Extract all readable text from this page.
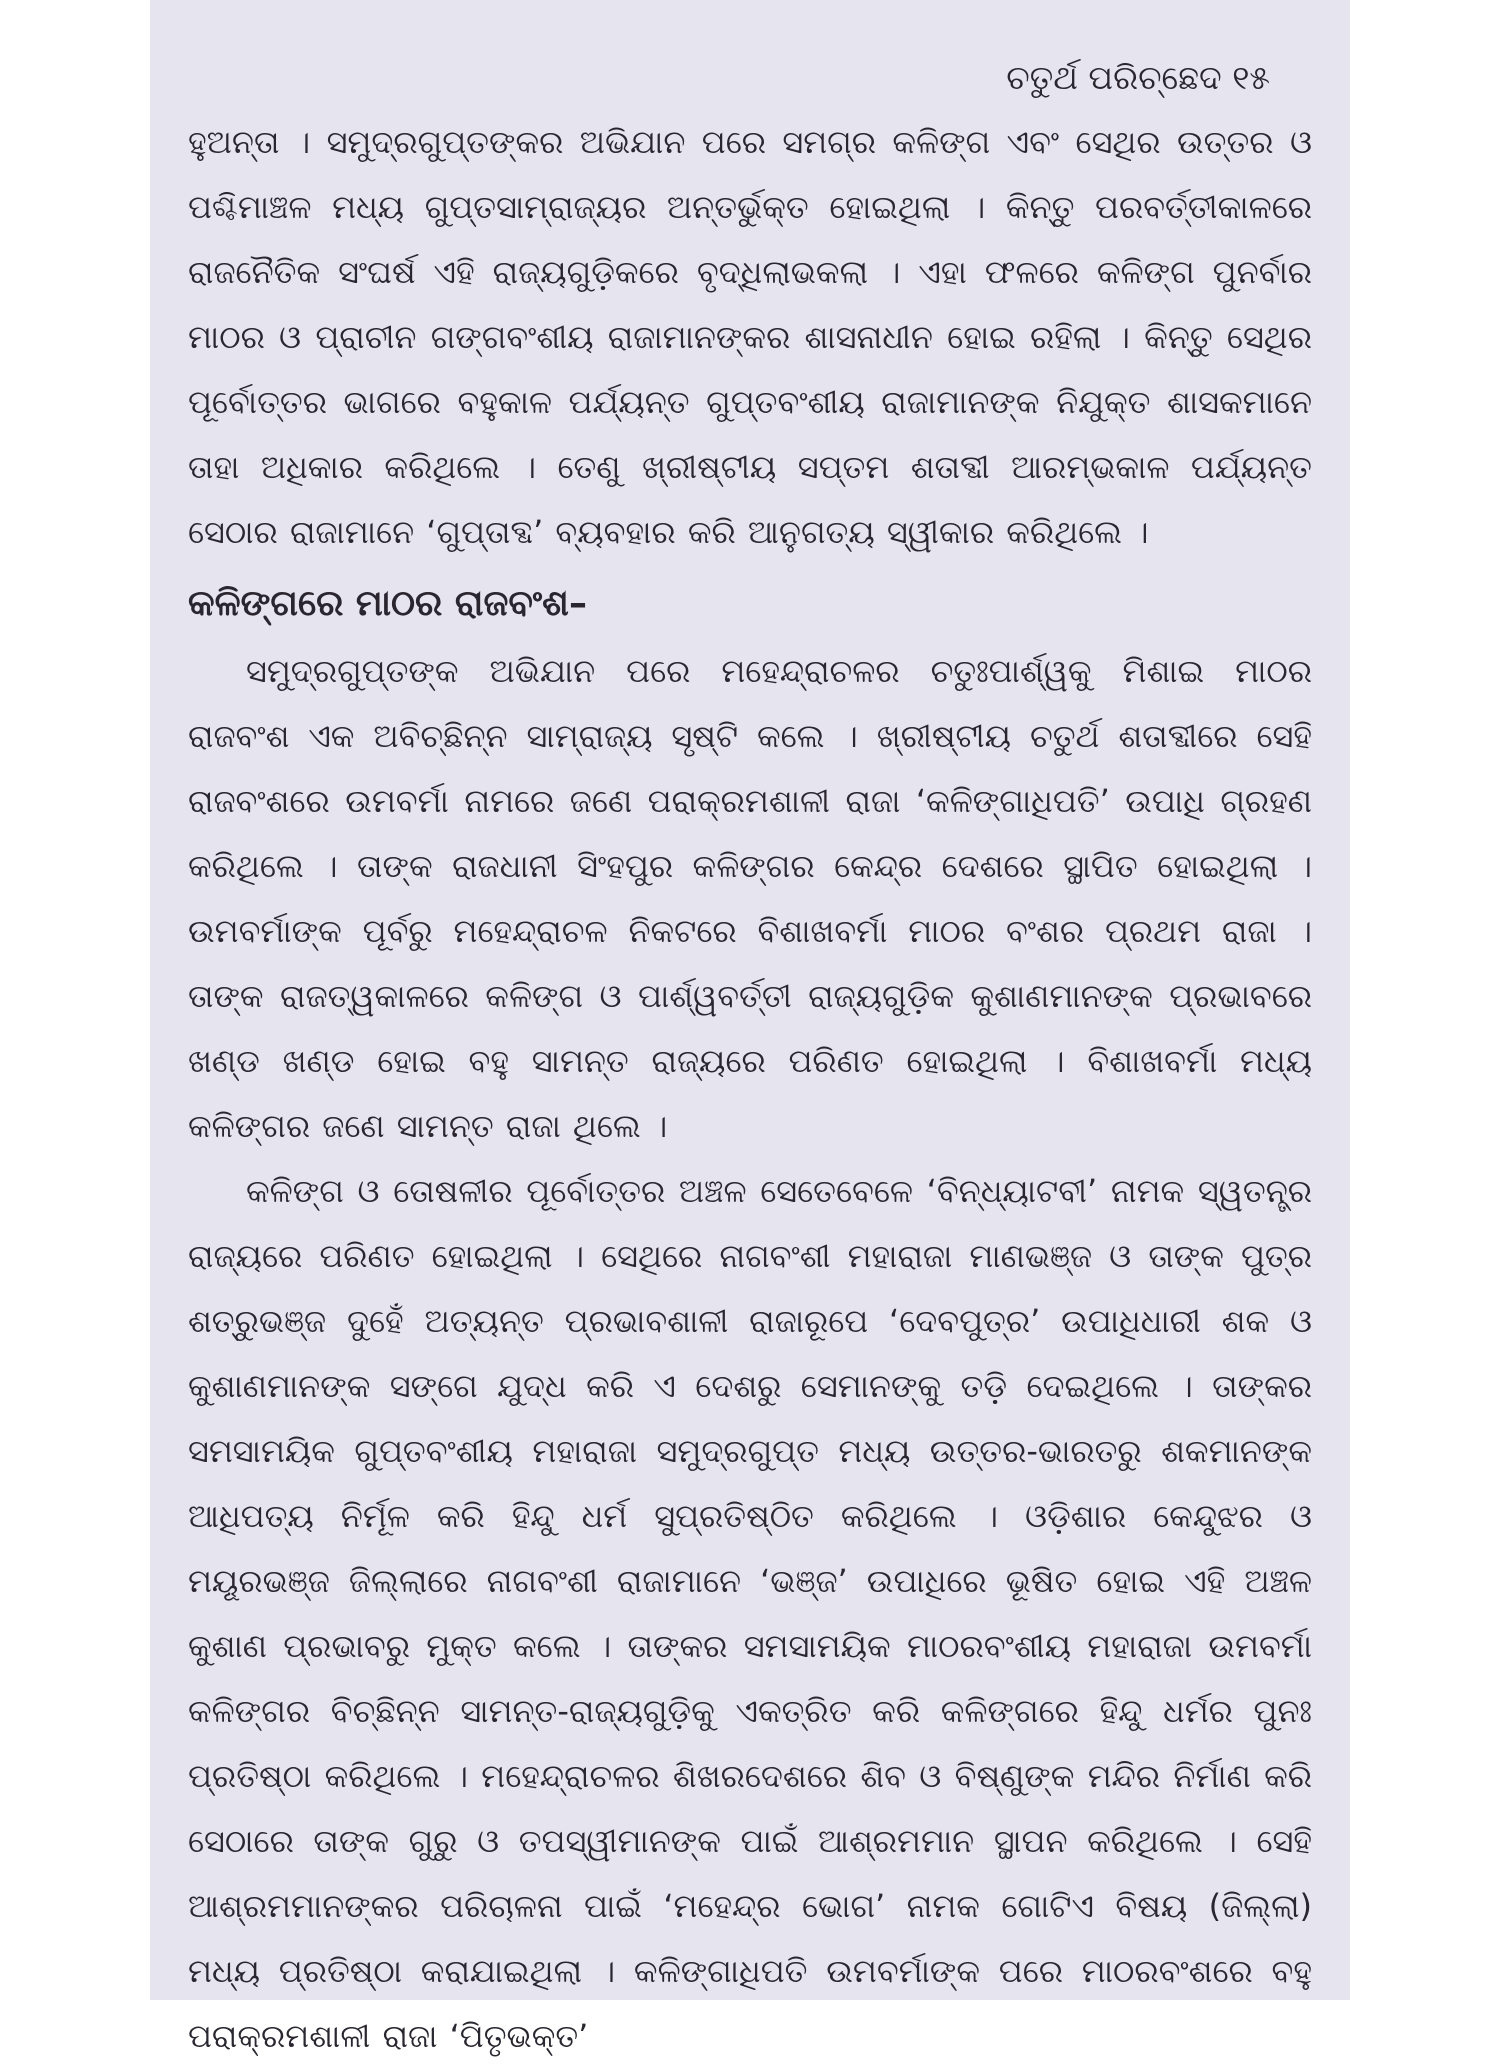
ଚତୁର୍ଥ ପରିଚ୍ଛେଦ ୧୫

ହୁଅନ୍ତା । ସମୁଦ୍ରଗୁପ୍ତଙ୍କର ଅଭିଯାନ ପରେ ସମଗ୍ର କଳିଙ୍ଗ ଏବଂ ସେଥିର ଉତ୍ତର ଓ ପଶ୍ଚିମାଞ୍ଚଳ ମଧ୍ୟ ଗୁପ୍ତସାମ୍ରାଜ୍ୟର ଅନ୍ତର୍ଭୁକ୍ତ ହୋଇଥିଲା । କିନ୍ତୁ ପରବର୍ତ୍ତୀକାଳରେ ରାଜନୈତିକ ସଂଘର୍ଷ ଏହି ରାଜ୍ୟଗୁଡ଼ିକରେ ବୃଦ୍ଧିଲାଭକଲା । ଏହା ଫଳରେ କଳିଙ୍ଗ ପୁନର୍ବାର ମାଠର ଓ ପ୍ରାଚୀନ ଗଙ୍ଗବଂଶୀୟ ରାଜାମାନଙ୍କର ଶାସନାଧୀନ ହୋଇ ରହିଲା । କିନ୍ତୁ ସେଥିର ପୂର୍ବୋତ୍ତର ଭାଗରେ ବହୁକାଳ ପର୍ଯ୍ୟନ୍ତ ଗୁପ୍ତବଂଶୀୟ ରାଜାମାନଙ୍କ ନିଯୁକ୍ତ ଶାସକମାନେ ତାହା ଅଧିକାର କରିଥିଲେ । ତେଣୁ ଖ୍ରୀଷ୍ଟୀୟ ସପ୍ତମ ଶତାବ୍ଦୀ ଆରମ୍ଭକାଳ ପର୍ଯ୍ୟନ୍ତ ସେଠାର ରାଜାମାନେ ‘ଗୁପ୍ତାବ୍ଦ’ ବ୍ୟବହାର କରି ଆନୁଗତ୍ୟ ସ୍ୱୀକାର କରିଥିଲେ ।

କଳିଙ୍ଗରେ ମାଠର ରାଜବଂଶ–

ସମୁଦ୍ରଗୁପ୍ତଙ୍କ ଅଭିଯାନ ପରେ ମହେନ୍ଦ୍ରାଚଳର ଚତୁଃପାର୍ଶ୍ୱକୁ ମିଶାଇ ମାଠର ରାଜବଂଶ ଏକ ଅବିଚ୍ଛିନ୍ନ ସାମ୍ରାଜ୍ୟ ସୃଷ୍ଟି କଲେ । ଖ୍ରୀଷ୍ଟୀୟ ଚତୁର୍ଥ ଶତାବ୍ଦୀରେ ସେହି ରାଜବଂଶରେ ଉମବର୍ମା ନାମରେ ଜଣେ ପରାକ୍ରମଶାଳୀ ରାଜା ‘କଳିଙ୍ଗାଧିପତି’ ଉପାଧି ଗ୍ରହଣ କରିଥିଲେ । ତାଙ୍କ ରାଜଧାନୀ ସିଂହପୁର କଳିଙ୍ଗର କେନ୍ଦ୍ର ଦେଶରେ ସ୍ଥାପିତ ହୋଇଥିଲା । ଉମବର୍ମାଙ୍କ ପୂର୍ବରୁ ମହେନ୍ଦ୍ରାଚଳ ନିକଟରେ ବିଶାଖବର୍ମା ମାଠର ବଂଶର ପ୍ରଥମ ରାଜା । ତାଙ୍କ ରାଜତ୍ୱକାଳରେ କଳିଙ୍ଗ ଓ ପାର୍ଶ୍ୱବର୍ତ୍ତୀ ରାଜ୍ୟଗୁଡ଼ିକ କୁଶାଣମାନଙ୍କ ପ୍ରଭାବରେ ଖଣ୍ଡ ଖଣ୍ଡ ହୋଇ ବହୁ ସାମନ୍ତ ରାଜ୍ୟରେ ପରିଣତ ହୋଇଥିଲା । ବିଶାଖବର୍ମା ମଧ୍ୟ କଳିଙ୍ଗର ଜଣେ ସାମନ୍ତ ରାଜା ଥିଲେ ।

କଳିଙ୍ଗ ଓ ତୋଷଳୀର ପୂର୍ବୋତ୍ତର ଅଞ୍ଚଳ ସେତେବେଳେ ‘ବିନ୍ଧ୍ୟାଟବୀ’ ନାମକ ସ୍ୱତନ୍ତ୍ର ରାଜ୍ୟରେ ପରିଣତ ହୋଇଥିଲା । ସେଥିରେ ନାଗବଂଶୀ ମହାରାଜା ମାଣଭଞ୍ଜ ଓ ତାଙ୍କ ପୁତ୍ର ଶତ୍ରୁଭଞ୍ଜ ଦୁହେଁ ଅତ୍ୟନ୍ତ ପ୍ରଭାବଶାଳୀ ରାଜାରୂପେ ‘ଦେବପୁତ୍ର’ ଉପାଧିଧାରୀ ଶକ ଓ କୁଶାଣମାନଙ୍କ ସଙ୍ଗେ ଯୁଦ୍ଧ କରି ଏ ଦେଶରୁ ସେମାନଙ୍କୁ ତଡ଼ି ଦେଇଥିଲେ । ତାଙ୍କର ସମସାମୟିକ ଗୁପ୍ତବଂଶୀୟ ମହାରାଜା ସମୁଦ୍ରଗୁପ୍ତ ମଧ୍ୟ ଉତ୍ତର-ଭାରତରୁ ଶକମାନଙ୍କ ଆଧିପତ୍ୟ ନିର୍ମୂଳ କରି ହିନ୍ଦୁ ଧର୍ମ ସୁପ୍ରତିଷ୍ଠିତ କରିଥିଲେ । ଓଡ଼ିଶାର କେନ୍ଦୁଝର ଓ ମୟୂରଭଞ୍ଜ ଜିଲ୍ଲାରେ ନାଗବଂଶୀ ରାଜାମାନେ ‘ଭଞ୍ଜ’ ଉପାଧିରେ ଭୂଷିତ ହୋଇ ଏହି ଅଞ୍ଚଳ କୁଶାଣ ପ୍ରଭାବରୁ ମୁକ୍ତ କଲେ । ତାଙ୍କର ସମସାମୟିକ ମାଠରବଂଶୀୟ ମହାରାଜା ଉମବର୍ମା କଳିଙ୍ଗର ବିଚ୍ଛିନ୍ନ ସାମନ୍ତ-ରାଜ୍ୟଗୁଡ଼ିକୁ ଏକତ୍ରିତ କରି କଳିଙ୍ଗରେ ହିନ୍ଦୁ ଧର୍ମର ପୁନଃ ପ୍ରତିଷ୍ଠା କରିଥିଲେ । ମହେନ୍ଦ୍ରାଚଳର ଶିଖରଦେଶରେ ଶିବ ଓ ବିଷ୍ଣୁଙ୍କ ମନ୍ଦିର ନିର୍ମାଣ କରି ସେଠାରେ ତାଙ୍କ ଗୁରୁ ଓ ତପସ୍ୱୀମାନଙ୍କ ପାଇଁ ଆଶ୍ରମମାନ ସ୍ଥାପନ କରିଥିଲେ । ସେହି ଆଶ୍ରମମାନଙ୍କର ପରିଚାଳନା ପାଇଁ ‘ମହେନ୍ଦ୍ର ଭୋଗ’ ନାମକ ଗୋଟିଏ ବିଷୟ (ଜିଲ୍ଲା) ମଧ୍ୟ ପ୍ରତିଷ୍ଠା କରାଯାଇଥିଲା । କଳିଙ୍ଗାଧିପତି ଉମବର୍ମାଙ୍କ ପରେ ମାଠରବଂଶରେ ବହୁ ପରାକ୍ରମଶାଳୀ ରାଜା ‘ପିତୃଭକ୍ତ’
